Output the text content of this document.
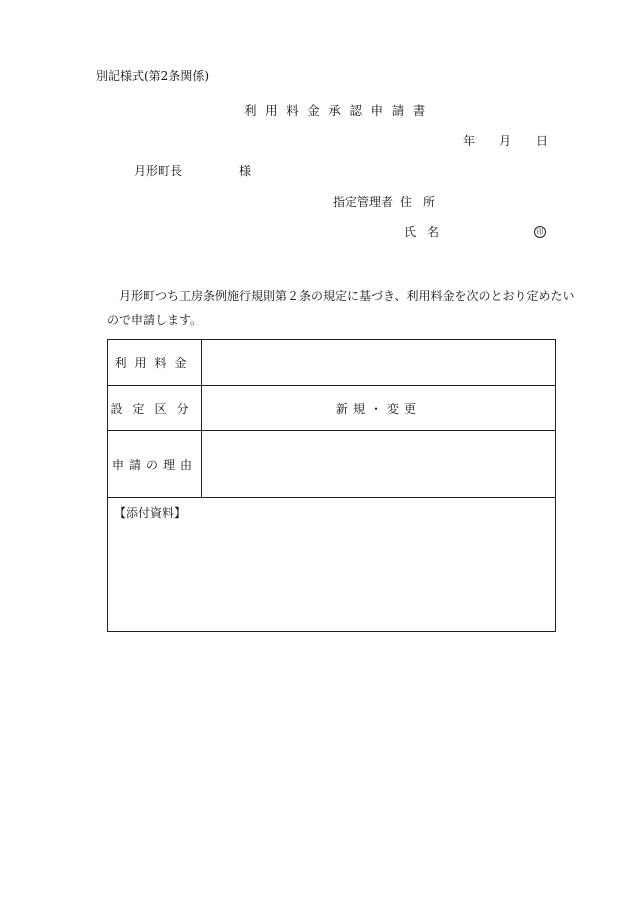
別記様式(第2条関係)
利用料金承認申請書
年 月 日
月形町長	様
指定管理者 住所
氏名	印
月形町つち工房条例施行規則第２条の規定に基づき、利用料金を次のとおり定めたいので申請します。
利用料金
設定区分	新規・変更
申請の理由
【添付資料】
